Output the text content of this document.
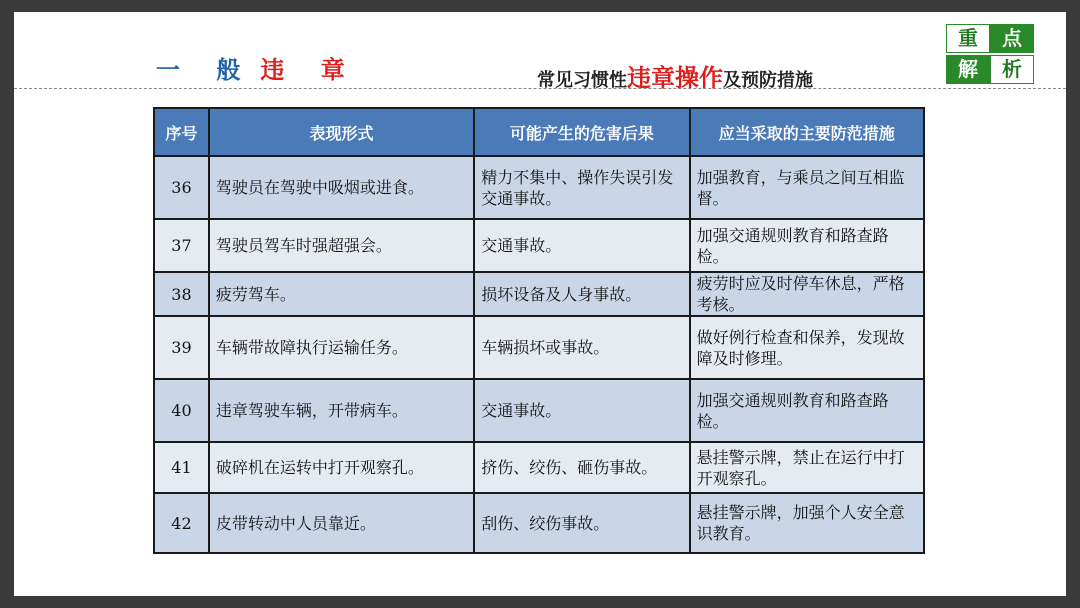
一 般 违 章	常见习惯性违章操作及预防措施
重	点
解	析
序号	表现形式	可能产生的危害后果	应当采取的主要防范措施
36	驾驶员在驾驶中吸烟或进食。	精力不集中、操作失误引发交通事故。	加强教育，与乘员之间互相监督。
37	驾驶员驾车时强超强会。	交通事故。	加强交通规则教育和路查路检。
38	疲劳驾车。	损坏设备及人身事故。	疲劳时应及时停车休息，严格考核。
39	车辆带故障执行运输任务。	车辆损坏或事故。	做好例行检查和保养，发现故障及时修理。
40	违章驾驶车辆，开带病车。	交通事故。	加强交通规则教育和路查路检。
41	破碎机在运转中打开观察孔。	挤伤、绞伤、砸伤事故。	悬挂警示牌，禁止在运行中打开观察孔。
42	皮带转动中人员靠近。	刮伤、绞伤事故。	悬挂警示牌，加强个人安全意识教育。
